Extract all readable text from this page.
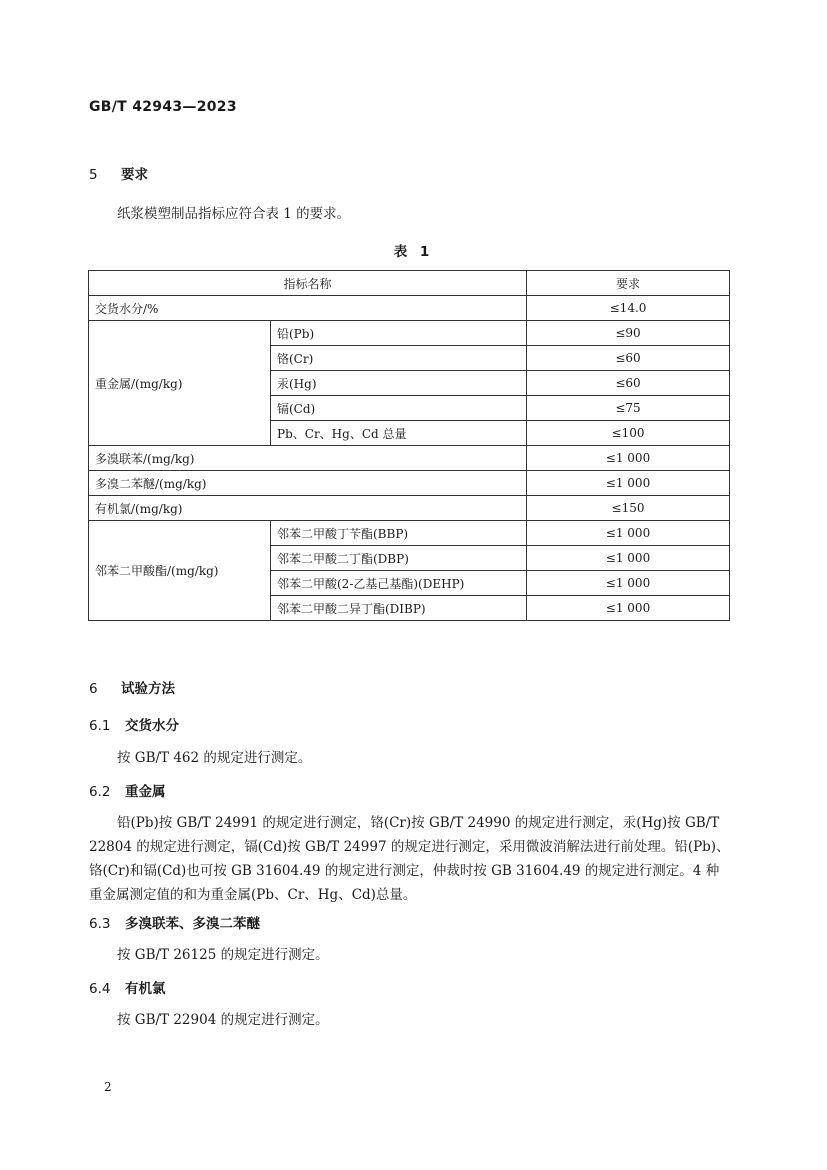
GB/T 42943—2023
5 要求
纸浆模塑制品指标应符合表 1 的要求。
表 1
指标名称		要求
交货水分/%		≤14.0
重金属/(mg/kg)	铅(Pb)	≤90
	铬(Cr)	≤60
	汞(Hg)	≤60
	镉(Cd)	≤75
	Pb、Cr、Hg、Cd 总量	≤100
多溴联苯/(mg/kg)		≤1 000
多溴二苯醚/(mg/kg)		≤1 000
有机氯/(mg/kg)		≤150
邻苯二甲酸酯/(mg/kg)	邻苯二甲酸丁苄酯(BBP)	≤1 000
	邻苯二甲酸二丁酯(DBP)	≤1 000
	邻苯二甲酸(2-乙基己基酯)(DEHP)	≤1 000
	邻苯二甲酸二异丁酯(DIBP)	≤1 000
6 试验方法
6.1 交货水分
按 GB/T 462 的规定进行测定。
6.2 重金属
铅(Pb)按 GB/T 24991 的规定进行测定，铬(Cr)按 GB/T 24990 的规定进行测定，汞(Hg)按 GB/T 22804 的规定进行测定，镉(Cd)按 GB/T 24997 的规定进行测定，采用微波消解法进行前处理。铅(Pb)、铬(Cr)和镉(Cd)也可按 GB 31604.49 的规定进行测定，仲裁时按 GB 31604.49 的规定进行测定。4 种重金属测定值的和为重金属(Pb、Cr、Hg、Cd)总量。
6.3 多溴联苯、多溴二苯醚
按 GB/T 26125 的规定进行测定。
6.4 有机氯
按 GB/T 22904 的规定进行测定。
2
